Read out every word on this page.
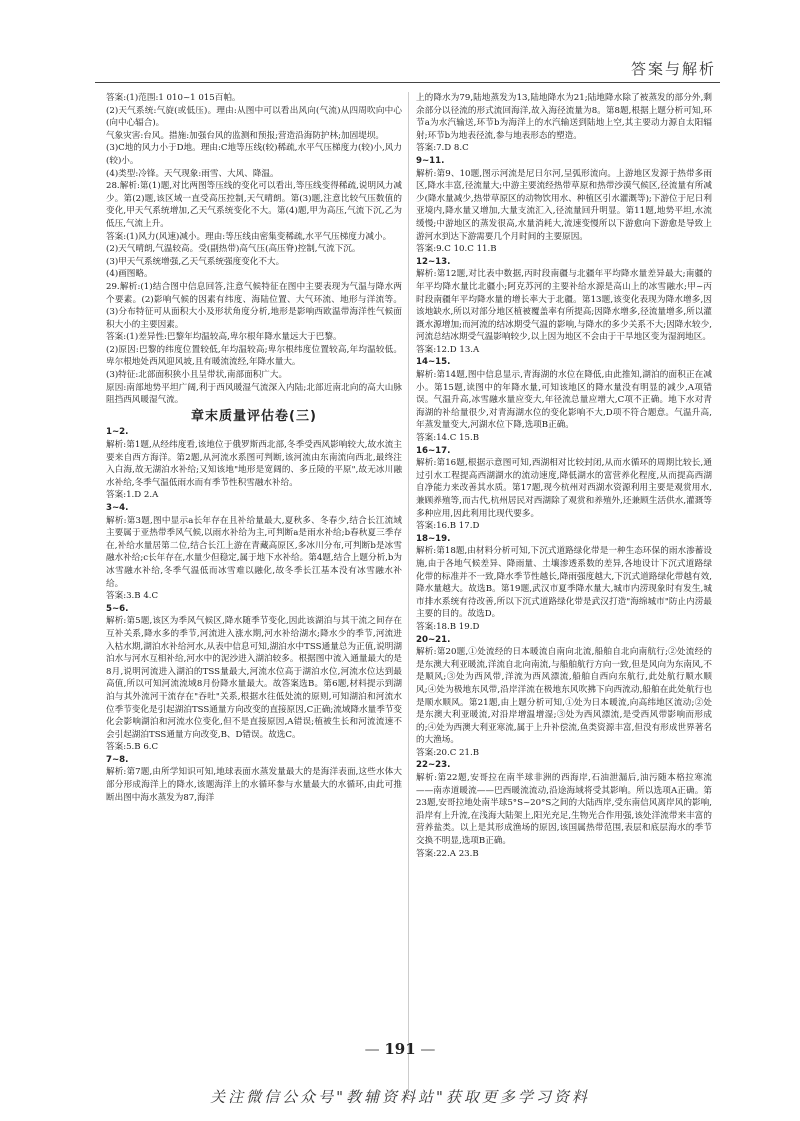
答案与解析

答案:(1)范围:1 010~1 015百帕。

(2)天气系统:气旋(或低压)。理由:从图中可以看出风向(气流)从四周吹向中心(向中心辐合)。

气象灾害:台风。措施:加强台风的监测和预报;营造沿海防护林;加固堤坝。

(3)C地的风力小于D地。理由:C地等压线(较)稀疏,水平气压梯度力(较)小,风力(较)小。

(4)类型:冷锋。天气现象:雨雪、大风、降温。

28.解析:第(1)题,对比两图等压线的变化可以看出,等压线变得稀疏,说明风力减少。第(2)题,该区域一直受高压控制,天气晴朗。第(3)题,注意比较气压数值的变化,甲天气系统增加,乙天气系统变化不大。第(4)题,甲为高压,气流下沉,乙为低压,气流上升。

答案:(1)风力(风速)减小。理由:等压线由密集变稀疏,水平气压梯度力减小。

(2)天气晴朗,气温较高。受(副热带)高气压(高压脊)控制,气流下沉。

(3)甲天气系统增强,乙天气系统强度变化不大。

(4)画图略。

29.解析:(1)结合图中信息回答,注意气候特征在图中主要表现为气温与降水两个要素。(2)影响气候的因素有纬度、海陆位置、大气环流、地形与洋流等。(3)分布特征可从面积大小及形状角度分析,地形是影响西欧温带海洋性气候面积大小的主要因素。

答案:(1)差异性:巴黎年均温较高,卑尔根年降水量远大于巴黎。

(2)原因:巴黎的纬度位置较低,年均温较高;卑尔根纬度位置较高,年均温较低。卑尔根地处西风迎风坡,且有暖流流经,年降水量大。

(3)特征:北部面积狭小且呈带状,南部面积广大。

原因:南部地势平坦广阔,利于西风暖湿气流深入内陆;北部近南北向的高大山脉阻挡西风暖湿气流。

章末质量评估卷(三)

1~2.

解析:第1题,从经纬度看,该地位于俄罗斯西北部,冬季受西风影响较大,故水流主要来自西方海洋。第2题,从河流水系图可判断,该河流由东南流向西北,最终注入白海,故无湖泊水补给;又知该地"地形是宽阔的、多丘陵的平原",故无冰川融水补给,冬季气温低雨水而有季节性积雪融水补给。

答案:1.D 2.A

3~4.

解析:第3题,图中显示a长年存在且补给量最大,夏秋多、冬春少,结合长江流域主要属于亚热带季风气候,以雨水补给为主,可判断a是雨水补给;b春秋夏三季存在,补给水量居第二位,结合长江上游在青藏高原区,多冰川分布,可判断b是冰雪融水补给;c长年存在,水量少但稳定,属于地下水补给。第4题,结合上题分析,b为冰雪融水补给,冬季气温低而冰雪难以融化,故冬季长江基本没有冰雪融水补给。

答案:3.B 4.C

5~6.

解析:第5题,该区为季风气候区,降水随季节变化,因此该湖泊与其干流之间存在互补关系,降水多的季节,河流进入涨水期,河水补给湖水;降水少的季节,河流进入枯水期,湖泊水补给河水,从表中信息可知,湖泊水中TSS通量总为正值,说明湖泊水与河水互相补给,河水中的泥沙进入湖泊较多。根据图中流入通量最大的是8月,说明河流进入湖泊的TSS量最大,河流水位高于湖泊水位,河流水位达到最高值,所以可知河流流域8月份降水量最大。故答案选B。第6题,材料提示到湖泊与其外流河干流存在"吞吐"关系,根据水往低处流的原则,可知湖泊和河流水位季节变化是引起湖泊TSS通量方向改变的直接原因,C正确;流域降水量季节变化会影响湖泊和河流水位变化,但不是直接原因,A错误;植被生长和河流流速不会引起湖泊TSS通量方向改变,B、D错误。故选C。

答案:5.B 6.C

7~8.

解析:第7题,由所学知识可知,地球表面水蒸发量最大的是海洋表面,这些水体大部分形成海洋上的降水,该题海洋上的水循环参与水量最大的水循环,由此可推断出图中海水蒸发为87,海洋

上的降水为79,陆地蒸发为13,陆地降水为21;陆地降水除了被蒸发的部分外,剩余部分以径流的形式流回海洋,故入海径流量为8。第8题,根据上题分析可知,环节a为水汽输送,环节b为海洋上的水汽输送到陆地上空,其主要动力源自太阳辐射;环节b为地表径流,参与地表形态的塑造。

答案:7.D 8.C

9~11.

解析:第9、10题,图示河流是尼日尔河,呈弧形流向。上游地区发源于热带多雨区,降水丰富,径流量大;中游主要流经热带草原和热带沙漠气候区,径流量有所减少(降水量减少,热带草原区的动物饮用水、种植区引水灌溉等);下游位于尼日利亚境内,降水量又增加,大量支流汇入,径流量回升明显。第11题,地势平坦,水流缓慢;中游地区的蒸发很高,水量消耗大,流速变慢所以下游愈向下游愈是导致上游河水到达下游需要几个月时间的主要原因。

答案:9.C 10.C 11.B

12~13.

解析:第12题,对比表中数据,丙时段南疆与北疆年平均降水量差异最大;南疆的年平均降水量比北疆小;阿克苏河的主要补给水源是高山上的冰雪融水;甲~丙时段南疆年平均降水量的增长率大于北疆。第13题,该变化表现为降水增多,因该地缺水,所以对部分地区植被覆盖率有所提高;因降水增多,径流量增多,所以灌溉水源增加;而河流的结冰期受气温的影响,与降水的多少关系不大;因降水较少,河流总结冰期受气温影响较少,以上因为地区不会由于干旱地区变为湿润地区。

答案:12.D 13.A

14~15.

解析:第14题,图中信息显示,青海湖的水位在降低,由此推知,湖泊的面积正在减小。第15题,读图中的年降水量,可知该地区的降水量没有明显的减少,A项错误。气温升高,冰雪融水量应变大,年径流总量应增大,C项不正确。地下水对青海湖的补给量很少,对青海湖水位的变化影响不大,D项不符合题意。气温升高,年蒸发量变大,河湖水位下降,选项B正确。

答案:14.C 15.B

16~17.

解析:第16题,根据示意图可知,西湖相对比较封闭,从而水循环的周期比较长,通过引水工程提高西湖湖水的流动速度,降低湖水的富营养化程度,从而提高西湖自净能力来改善其水质。第17题,现今杭州对西湖水资源利用主要是观赏用水,兼顾养殖等,而古代,杭州居民对西湖除了观赏和养殖外,还兼顾生活供水,灌溉等多种应用,因此利用比现代要多。

答案:16.B 17.D

18~19.

解析:第18题,由材料分析可知,下沉式道路绿化带是一种生态环保的雨水渗蓄设施,由于各地气候差异、降雨量、土壤渗透系数的差异,各地设计下沉式道路绿化带的标准并不一致,降水季节性越长,降雨强度越大,下沉式道路绿化带越有效,降水量越大。故选B。第19题,武汉市夏季降水量大,城市内涝现象时有发生,城市排水系统有待改善,所以下沉式道路绿化带是武汉打造"海绵城市"防止内涝最主要的目的。故选D。

答案:18.B 19.D

20~21.

解析:第20题,①处流经的日本暖流自南向北流,船舶自北向南航行;②处流经的是东澳大利亚暖流,洋流自北向南流,与船舶航行方向一致,但是风向为东南风,不是顺风;③处为西风带,洋流为西风漂流,船舶自西向东航行,此处航行顺水顺风;④处为极地东风带,沿岸洋流在极地东风吹拂下向西流动,船舶在此处航行也是顺水顺风。第21题,由上题分析可知,①处为日本暖流,向高纬地区流动;②处是东澳大利亚暖流,对沿岸增温增湿;③处为西风漂流,是受西风带影响而形成的;④处为西澳大利亚寒流,属于上升补偿流,鱼类资源丰富,但没有形成世界著名的大渔场。

答案:20.C 21.B

22~23.

解析:第22题,安哥拉在南半球非洲的西海岸,石油泄漏后,油污随本格拉寒流——南赤道暖流——巴西暖流流动,沿途海域将受其影响。所以选项A正确。第23题,安哥拉地处南半球5°S~20°S之间的大陆西岸,受东南信风离岸风的影响,沿岸有上升流,在浅海大陆架上,阳光充足,生物光合作用强,该处洋流带来丰富的营养盐类。以上是其形成渔场的原因,该国属热带范围,表层和底层海水的季节交换不明显,选项B正确。

答案:22.A 23.B

— 191 —
关注微信公众号"教辅资料站"获取更多学习资料
